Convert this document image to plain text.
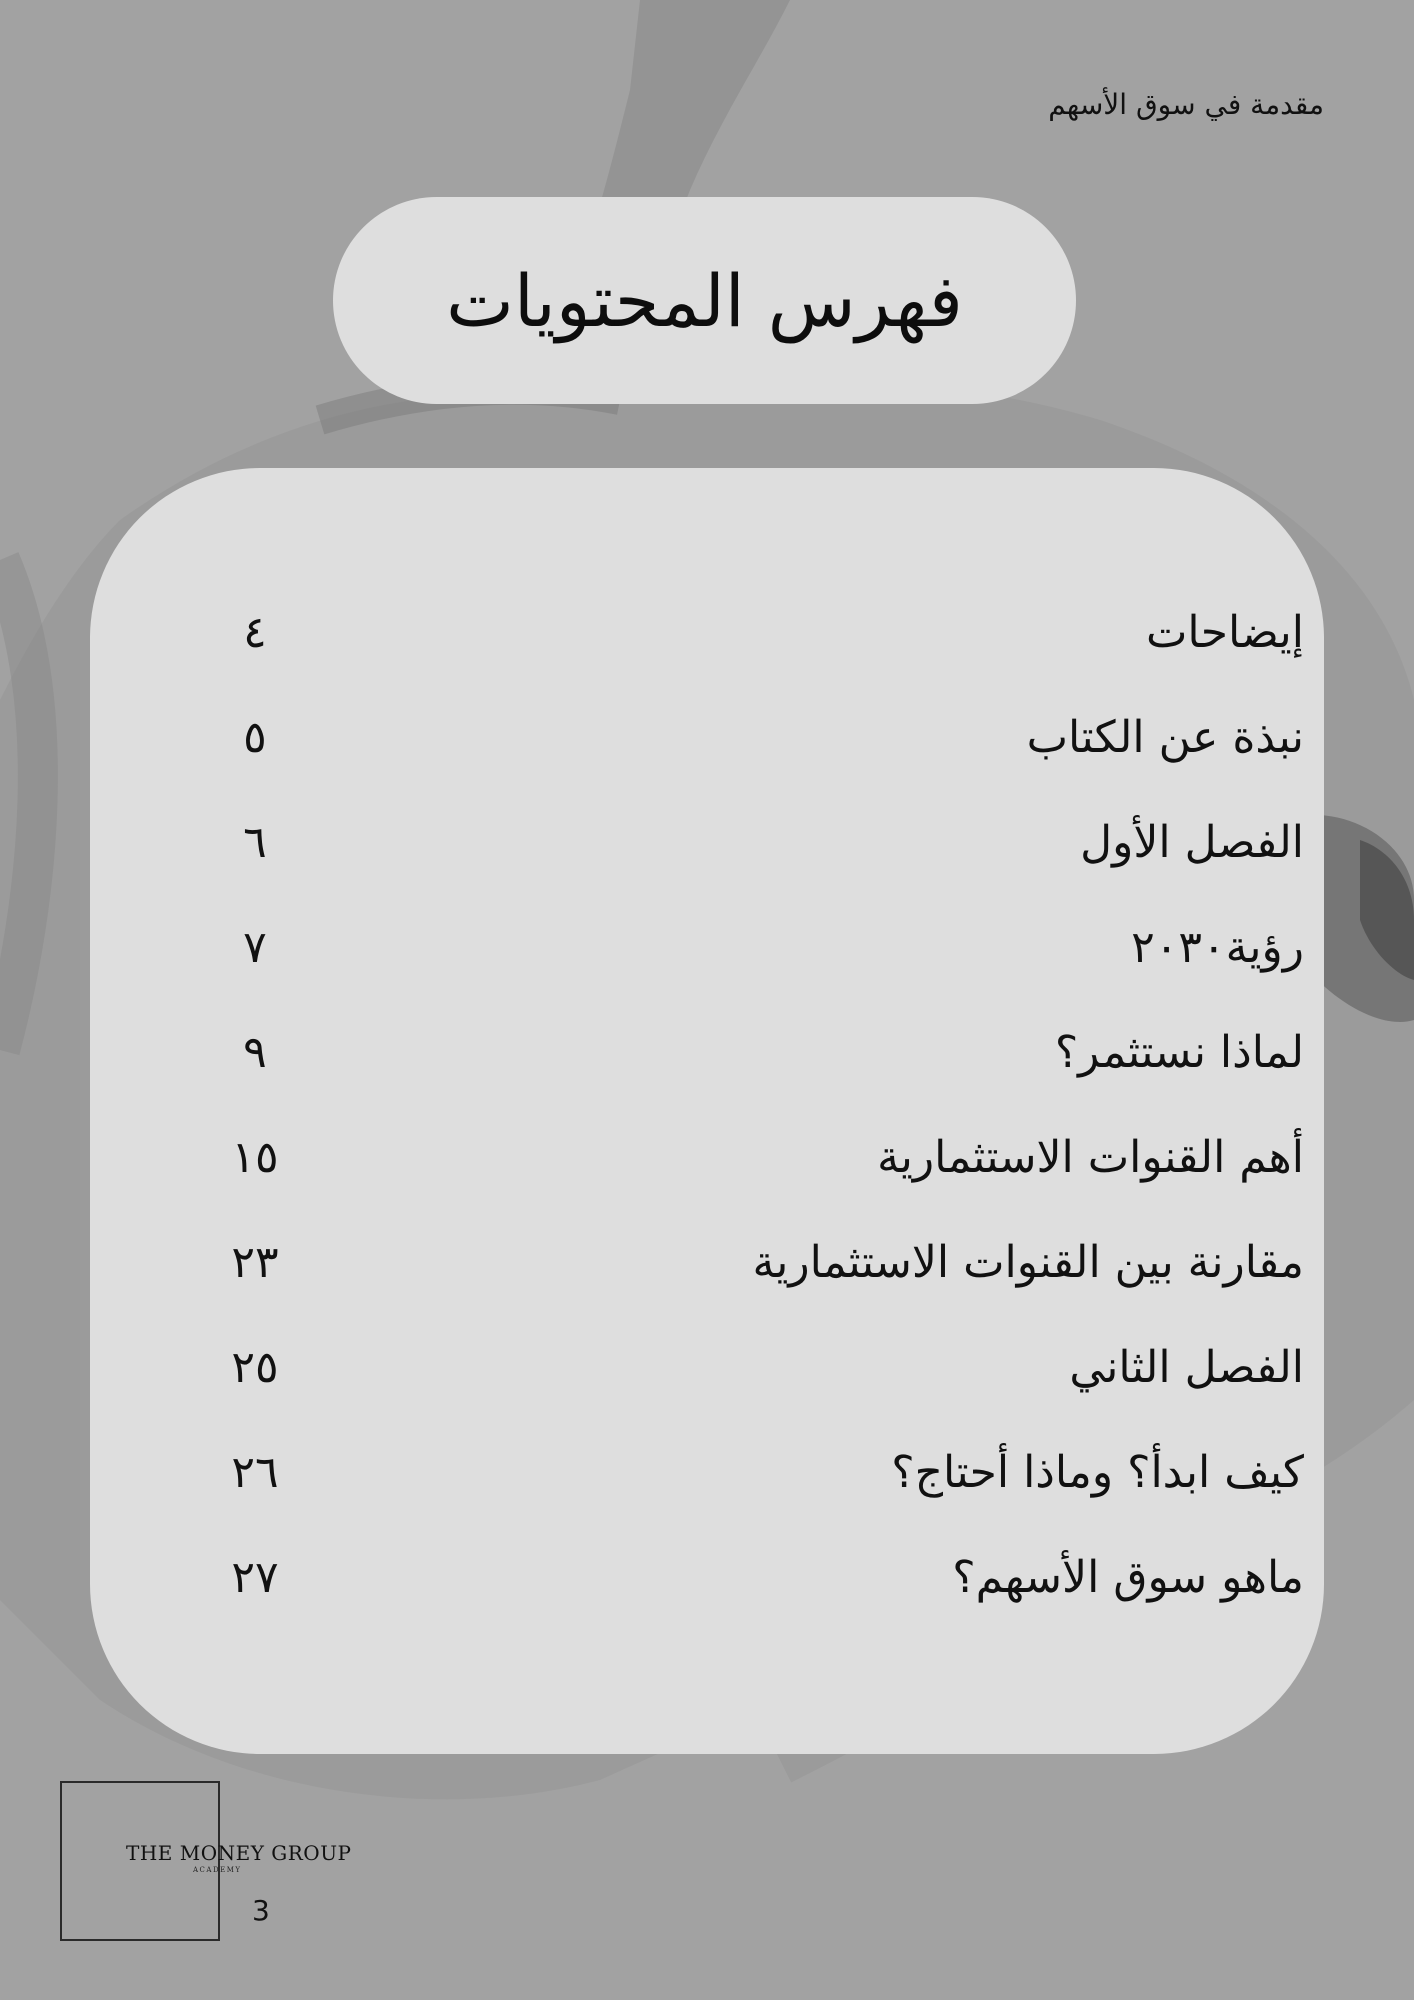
مقدمة في سوق الأسهم
فهرس المحتويات
إيضاحات
٤
نبذة عن الكتاب
٥
الفصل الأول
٦
رؤية٢٠٣٠
٧
لماذا نستثمر؟
٩
أهم القنوات الاستثمارية
١٥
مقارنة بين القنوات الاستثمارية
٢٣
الفصل الثاني
٢٥
كيف ابدأ؟ وماذا أحتاج؟
٢٦
ماهو سوق الأسهم؟
٢٧
THE MONEY GROUP
ACADEMY
3
